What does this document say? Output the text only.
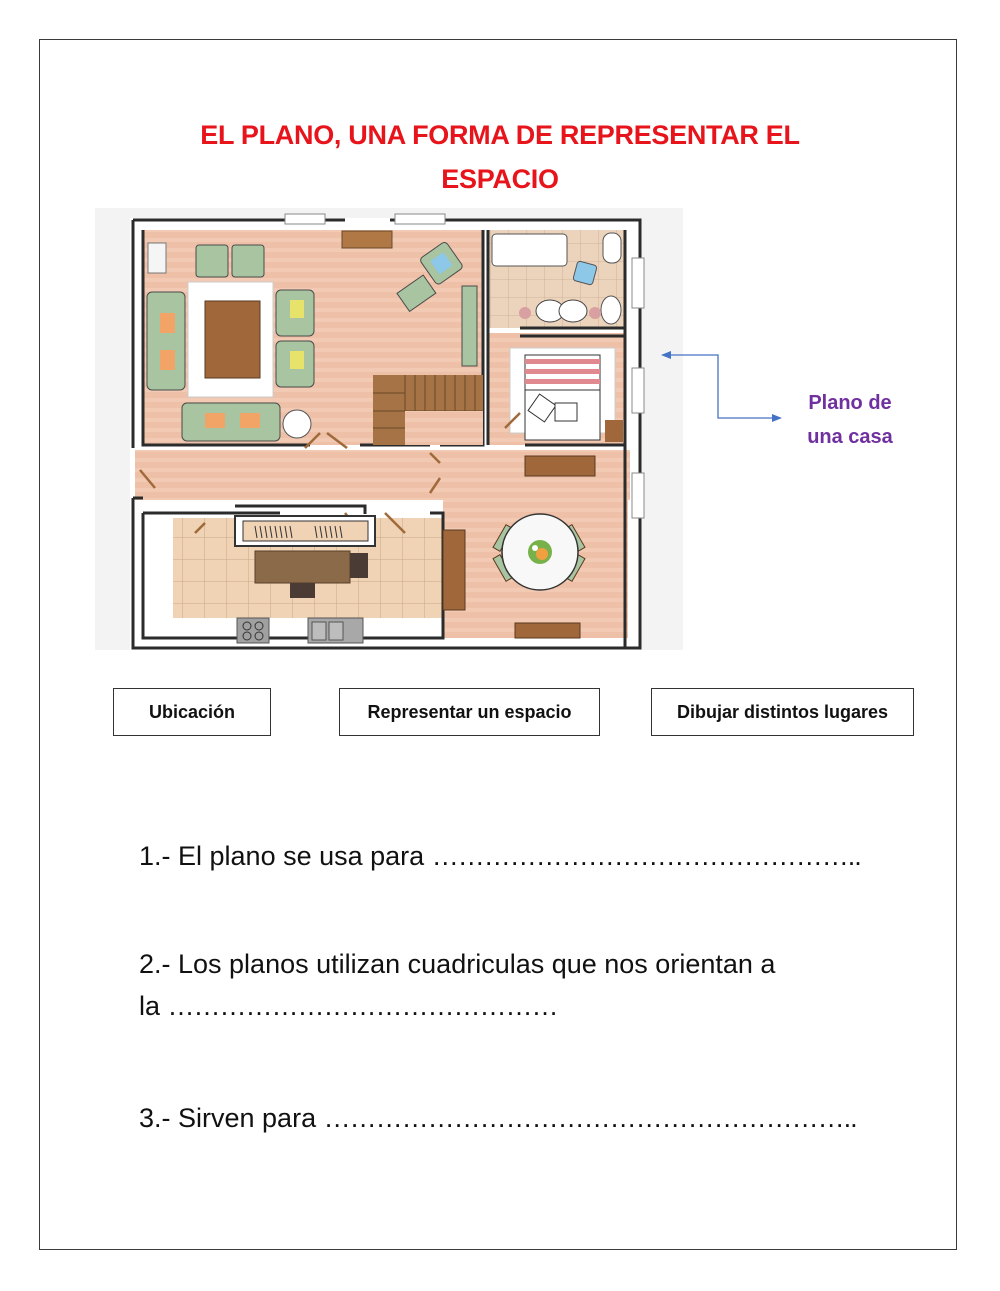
EL PLANO, UNA FORMA DE REPRESENTAR EL
ESPACIO
Plano de
una casa
Ubicación	Representar un espacio	Dibujar distintos lugares
1.- El plano se usa para …………………………………………..
2.- Los planos utilizan cuadriculas que nos orientan a
la ………………………………………
3.- Sirven para ……………………………………………………..
